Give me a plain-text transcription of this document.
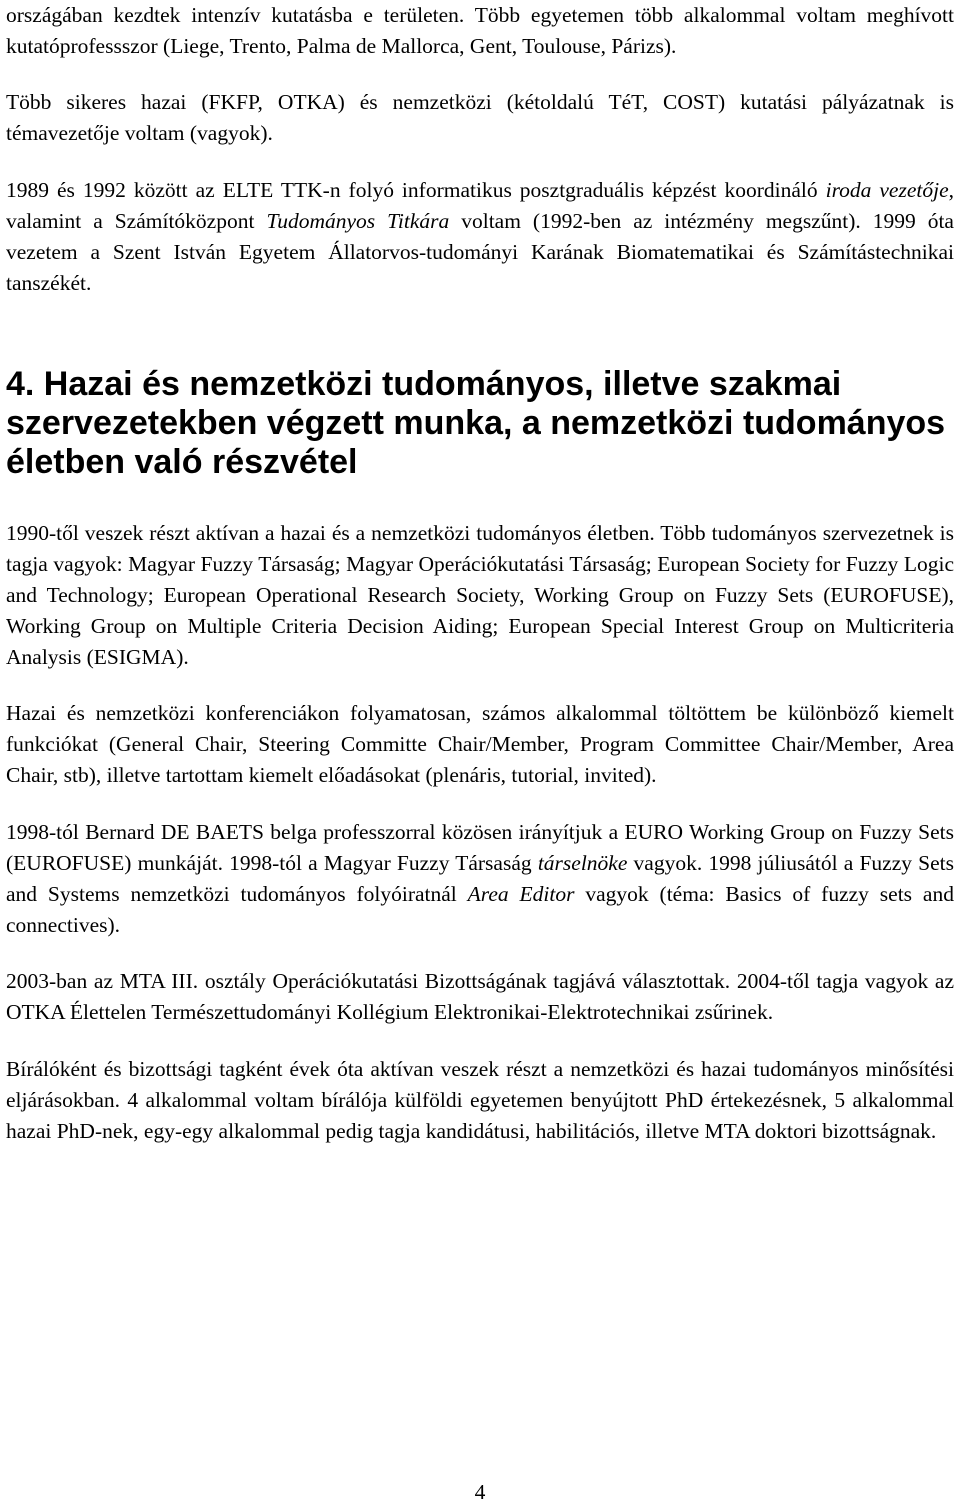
országában kezdtek intenzív kutatásba e területen. Több egyetemen több alkalommal voltam meghívott kutatóprofessszor (Liege, Trento, Palma de Mallorca, Gent, Toulouse, Párizs).

Több sikeres hazai (FKFP, OTKA) és nemzetközi (kétoldalú TéT, COST) kutatási pályázatnak is témavezetője voltam (vagyok).

1989 és 1992 között az ELTE TTK-n folyó informatikus posztgraduális képzést koordináló iroda vezetője, valamint a Számítóközpont Tudományos Titkára voltam (1992-ben az intézmény megszűnt). 1999 óta vezetem a Szent István Egyetem Állatorvos-tudományi Karának Biomatematikai és Számítástechnikai tanszékét.

4. Hazai és nemzetközi tudományos, illetve szakmai szervezetekben végzett munka, a nemzetközi tudományos életben való részvétel

1990-től veszek részt aktívan a hazai és a nemzetközi tudományos életben. Több tudományos szervezetnek is tagja vagyok: Magyar Fuzzy Társaság; Magyar Operációkutatási Társaság; European Society for Fuzzy Logic and Technology; European Operational Research Society, Working Group on Fuzzy Sets (EUROFUSE), Working Group on Multiple Criteria Decision Aiding; European Special Interest Group on Multicriteria Analysis (ESIGMA).

Hazai és nemzetközi konferenciákon folyamatosan, számos alkalommal töltöttem be különböző kiemelt funkciókat (General Chair, Steering Committe Chair/Member, Program Committee Chair/Member, Area Chair, stb), illetve tartottam kiemelt előadásokat (plenáris, tutorial, invited).

1998-tól Bernard DE BAETS belga professzorral közösen irányítjuk a EURO Working Group on Fuzzy Sets (EUROFUSE) munkáját. 1998-tól a Magyar Fuzzy Társaság társelnöke vagyok. 1998 júliusától a Fuzzy Sets and Systems nemzetközi tudományos folyóiratnál Area Editor vagyok (téma: Basics of fuzzy sets and connectives).

2003-ban az MTA III. osztály Operációkutatási Bizottságának tagjává választottak. 2004-től tagja vagyok az OTKA Élettelen Természettudományi Kollégium Elektronikai-Elektrotechnikai zsűrinek.

Bírálóként és bizottsági tagként évek óta aktívan veszek részt a nemzetközi és hazai tudományos minősítési eljárásokban. 4 alkalommal voltam bírálója külföldi egyetemen benyújtott PhD értekezésnek, 5 alkalommal hazai PhD-nek, egy-egy alkalommal pedig tagja kandidátusi, habilitációs, illetve MTA doktori bizottságnak.

4
